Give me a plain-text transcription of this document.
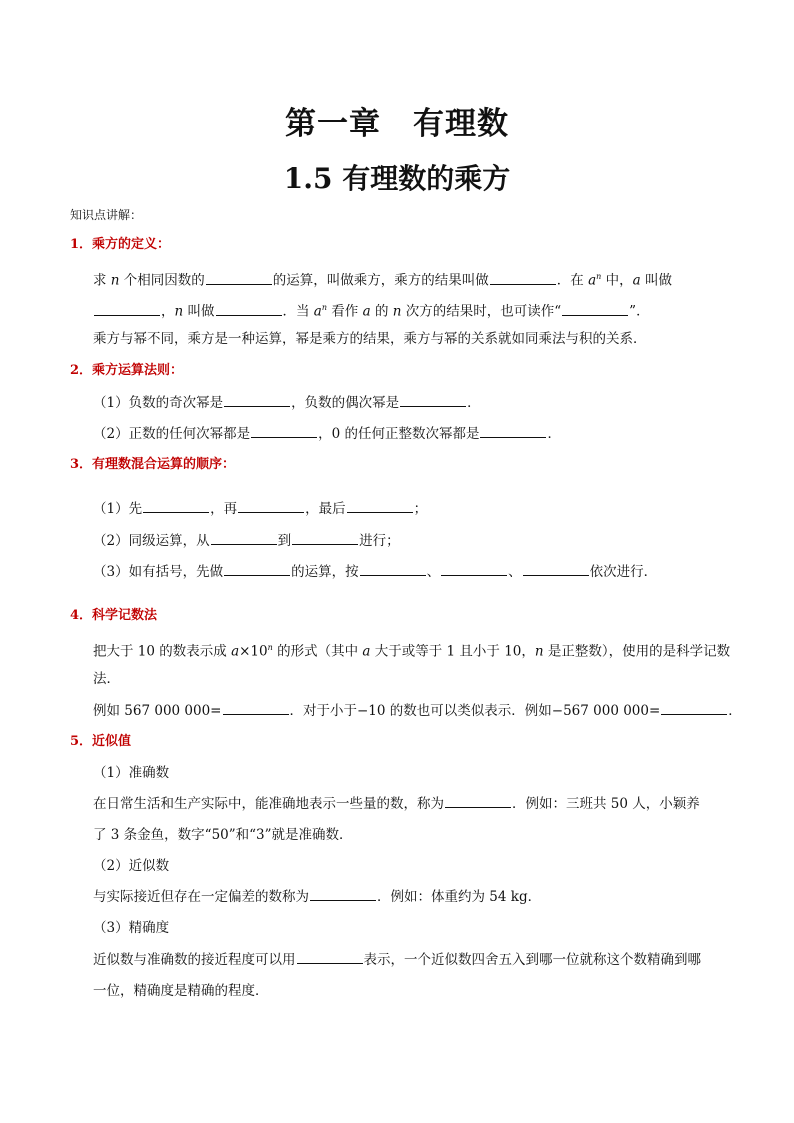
第一章　有理数
1.5 有理数的乘方
知识点讲解：
1．乘方的定义：
求 n 个相同因数的	的运算，叫做乘方，乘方的结果叫做	．在 $a^n$ 中，a 叫做
，n 叫做	．当 $a^n$ 看作 a 的 n 次方的结果时，也可读作“	”．
乘方与幂不同，乘方是一种运算，幂是乘方的结果，乘方与幂的关系就如同乘法与积的关系．
2．乘方运算法则：
（1）负数的奇次幂是	，负数的偶次幂是	．
（2）正数的任何次幂都是	，0 的任何正整数次幂都是	．
3．有理数混合运算的顺序：
（1）先	，再	，最后	；
（2）同级运算，从	到	进行；
（3）如有括号，先做	的运算，按	、	、	依次进行．
4．科学记数法
把大于 10 的数表示成 $a\times 10^n$ 的形式（其中 a 大于或等于 1 且小于 10，n 是正整数），使用的是科学记数
法．
例如 567 000 000=	．对于小于−10 的数也可以类似表示．例如−567 000 000=	．
5．近似值
（1）准确数
在日常生活和生产实际中，能准确地表示一些量的数，称为	．例如：三班共 50 人，小颖养
了 3 条金鱼，数字“50”和“3”就是准确数．
（2）近似数
与实际接近但存在一定偏差的数称为	．例如：体重约为 54 kg．
（3）精确度
近似数与准确数的接近程度可以用	表示，一个近似数四舍五入到哪一位就称这个数精确到哪
一位，精确度是精确的程度．
